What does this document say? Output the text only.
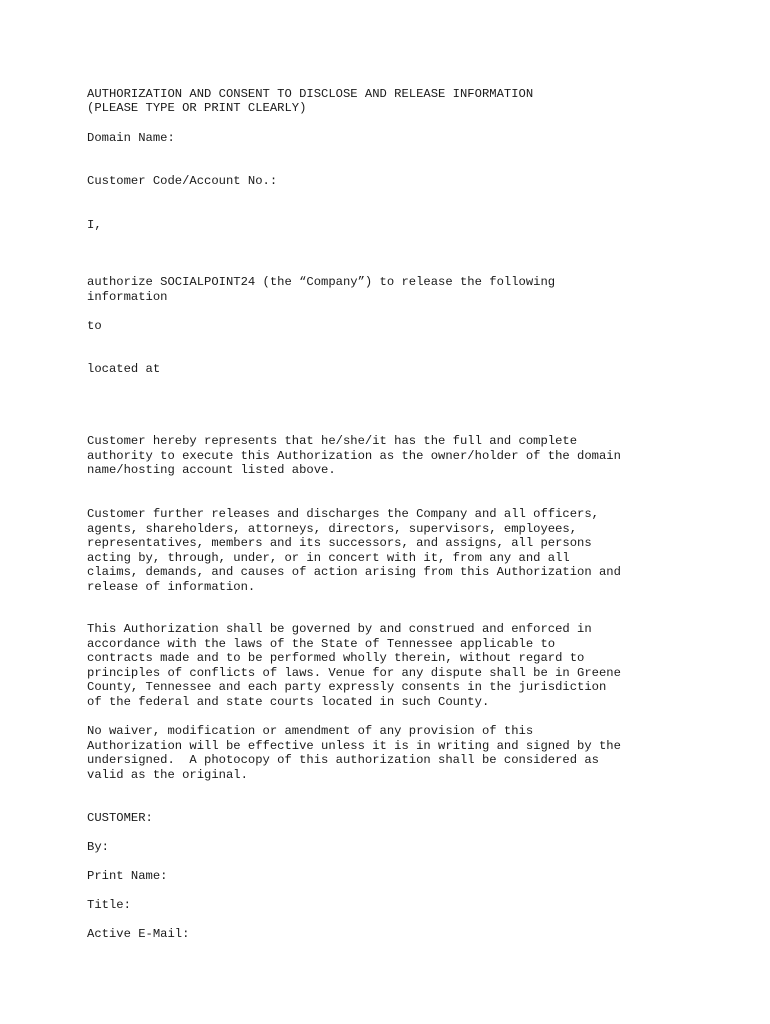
AUTHORIZATION AND CONSENT TO DISCLOSE AND RELEASE INFORMATION

(PLEASE TYPE OR PRINT CLEARLY)

Domain Name:

Customer Code/Account No.:

I,

authorize SOCIALPOINT24 (the “Company”) to release the following

information

to

located at

Customer hereby represents that he/she/it has the full and complete
authority to execute this Authorization as the owner/holder of the domain
name/hosting account listed above.

Customer further releases and discharges the Company and all officers,
agents, shareholders, attorneys, directors, supervisors, employees,
representatives, members and its successors, and assigns, all persons
acting by, through, under, or in concert with it, from any and all
claims, demands, and causes of action arising from this Authorization and
release of information.

This Authorization shall be governed by and construed and enforced in
accordance with the laws of the State of Tennessee applicable to
contracts made and to be performed wholly therein, without regard to
principles of conflicts of laws. Venue for any dispute shall be in Greene
County, Tennessee and each party expressly consents in the jurisdiction
of the federal and state courts located in such County.

No waiver, modification or amendment of any provision of this
Authorization will be effective unless it is in writing and signed by the
undersigned.  A photocopy of this authorization shall be considered as
valid as the original.

CUSTOMER:

By:

Print Name:

Title:

Active E-Mail:
